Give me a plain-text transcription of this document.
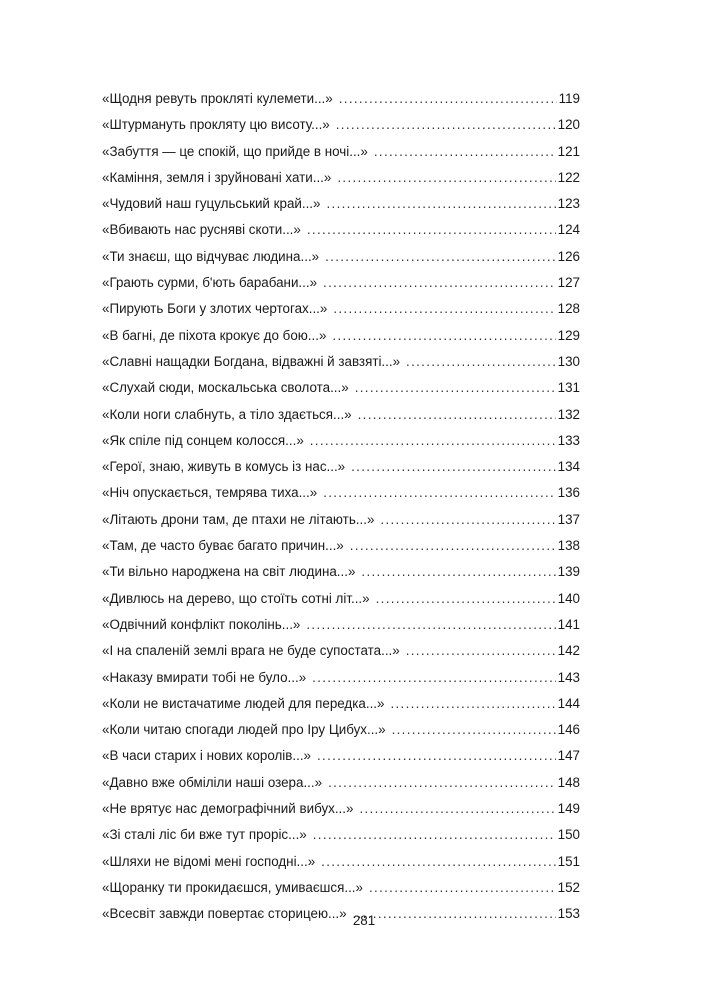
«Щодня ревуть прокляті кулемети...» . . .	119
«Штурмануть прокляту цю висоту...» . . .	120
«Забуття — це спокій, що прийде в ночі...» . . .	121
«Каміння, земля і зруйновані хати...» . . .	122
«Чудовий наш гуцульський край...» . . .	123
«Вбивають нас русняві скоти...» . . .	124
«Ти знаєш, що відчуває людина...» . . .	126
«Грають сурми, б'ють барабани...» . . .	127
«Пирують Боги у злотих чертогах...» . . .	128
«В багні, де піхота крокує до бою...» . . .	129
«Славні нащадки Богдана, відважні й завзяті...» . . .	130
«Слухай сюди, москальська сволота...» . . .	131
«Коли ноги слабнуть, а тіло здається...» . . .	132
«Як спіле під сонцем колосся...» . . .	133
«Герої, знаю, живуть в комусь із нас...» . . .	134
«Ніч опускається, темрява тиха...» . . .	136
«Літають дрони там, де птахи не літають...» . . .	137
«Там, де часто буває багато причин...» . . .	138
«Ти вільно народжена на світ людина...» . . .	139
«Дивлюсь на дерево, що стоїть сотні літ...» . . .	140
«Одвічний конфлікт поколінь...» . . .	141
«І на спаленій землі врага не буде супостата...» . . .	142
«Наказу вмирати тобі не було...» . . .	143
«Коли не вистачатиме людей для передка...» . . .	144
«Коли читаю спогади людей про Іру Цибух...» . . .	146
«В часи старих і нових королів...» . . .	147
«Давно вже обміліли наші озера...» . . .	148
«Не врятує нас демографічний вибух...» . . .	149
«Зі сталі ліс би вже тут проріс...» . . .	150
«Шляхи не відомі мені господні...» . . .	151
«Щоранку ти прокидаєшся, умиваєшся...» . . .	152
«Всесвіт завжди повертає сторицею...» . . .	153
281
